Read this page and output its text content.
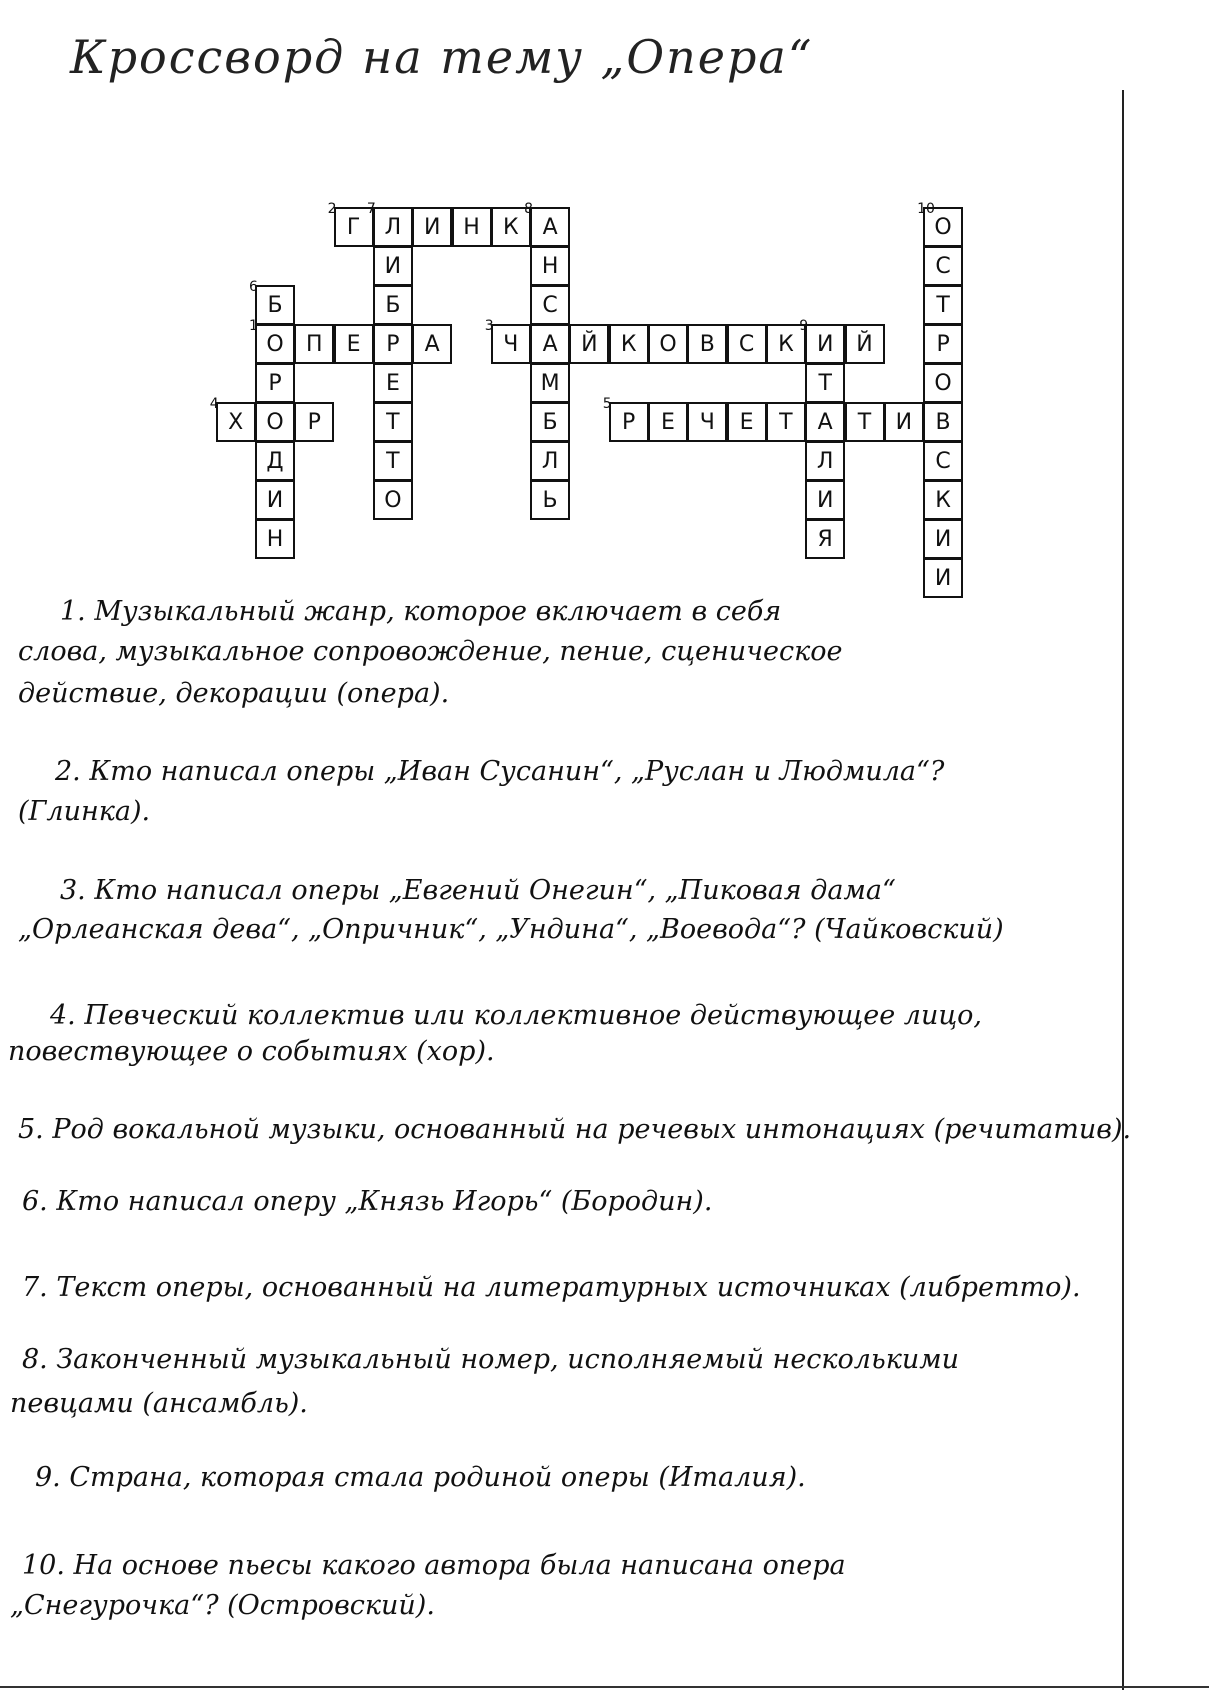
Кроссворд на тему „Опера“
О
1
П Е Р А
Г
2
Л
7
И Н К А
8
Ч
3
А Й К О В С К И
9
Й
Х
4
О Р	Р
5
Е Ч Е Т А Т И В
Б
6
Р
Д
И
Н
И
Б
Е
Т
Т
О
Н
С
М
Б
Л
Ь
Т
Л
И
Я
О
10
С
Т
Р
О
С
К
И
И
1. Музыкальный жанр, которое включает в себя
слова, музыкальное сопровождение, пение, сценическое
действие, декорации (опера).
2. Кто написал оперы „Иван Сусанин“, „Руслан и Людмила“?
(Глинка).
3. Кто написал оперы „Евгений Онегин“, „Пиковая дама“
„Орлеанская дева“, „Опричник“, „Ундина“, „Воевода“? (Чайковский)
4. Певческий коллектив или коллективное действующее лицо,
повествующее о событиях (хор).
5. Род вокальной музыки, основанный на речевых интонациях (речитатив).
6. Кто написал оперу „Князь Игорь“ (Бородин).
7. Текст оперы, основанный на литературных источниках (либретто).
8. Законченный музыкальный номер, исполняемый несколькими
певцами (ансамбль).
9. Страна, которая стала родиной оперы (Италия).
10. На основе пьесы какого автора была написана опера
„Снегурочка“? (Островский).
